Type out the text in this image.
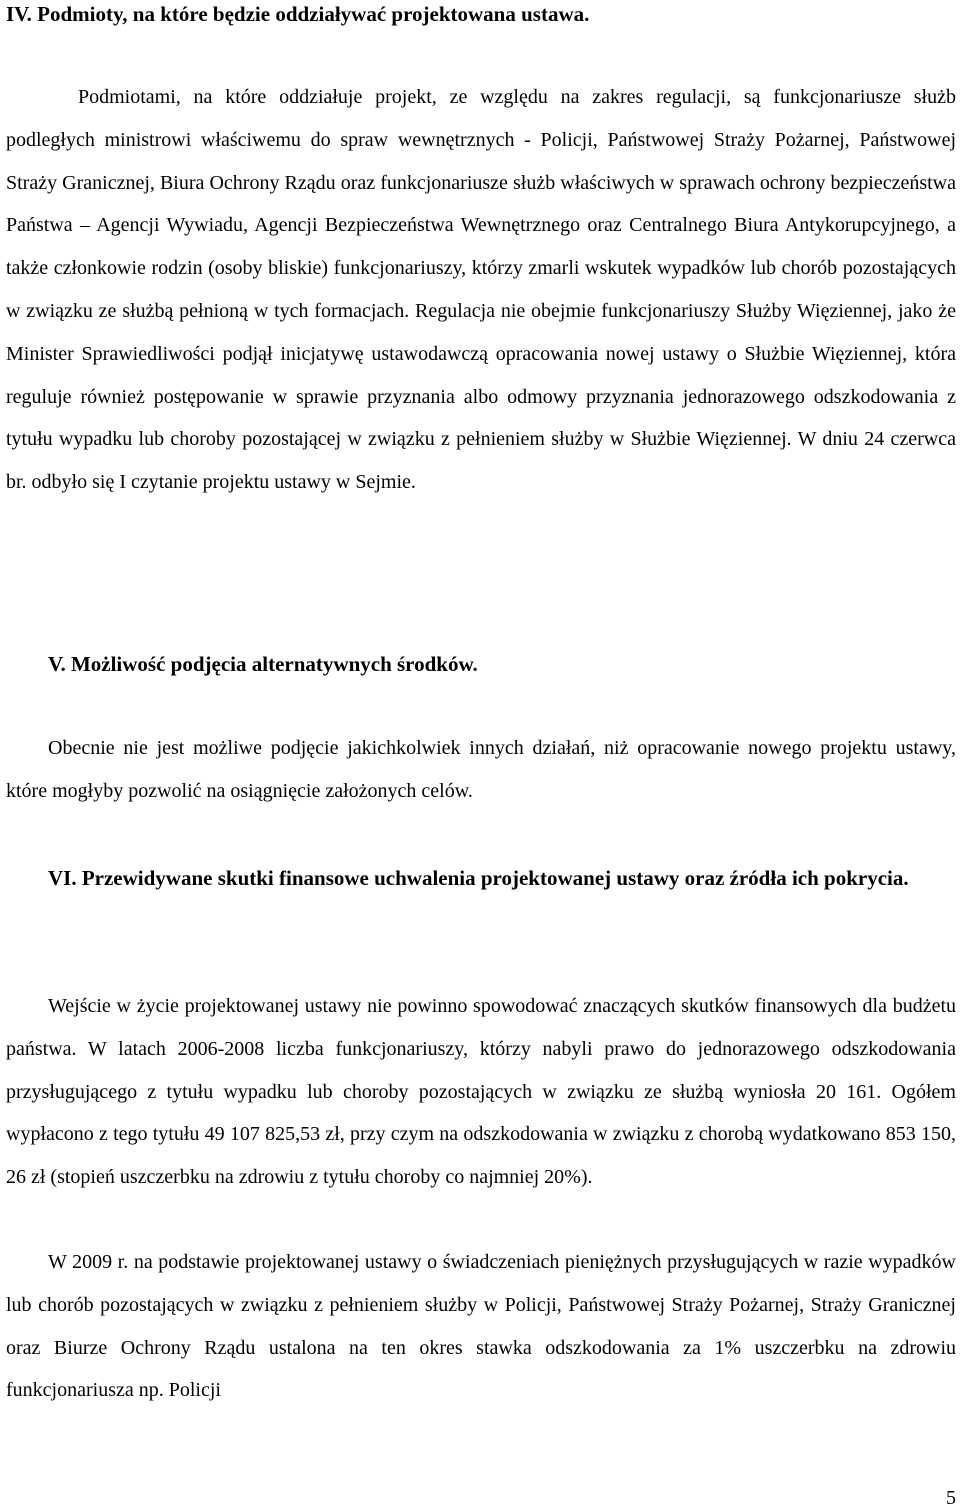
IV. Podmioty, na które będzie oddziaływać projektowana ustawa.

Podmiotami, na które oddziałuje projekt, ze względu na zakres regulacji, są funkcjonariusze służb podległych ministrowi właściwemu do spraw wewnętrznych - Policji, Państwowej Straży Pożarnej, Państwowej Straży Granicznej, Biura Ochrony Rządu oraz funkcjonariusze służb właściwych w sprawach ochrony bezpieczeństwa Państwa – Agencji Wywiadu, Agencji Bezpieczeństwa Wewnętrznego oraz Centralnego Biura Antykorupcyjnego, a także członkowie rodzin (osoby bliskie) funkcjonariuszy, którzy zmarli wskutek wypadków lub chorób pozostających w związku ze służbą pełnioną w tych formacjach. Regulacja nie obejmie funkcjonariuszy Służby Więziennej, jako że Minister Sprawiedliwości podjął inicjatywę ustawodawczą opracowania nowej ustawy o Służbie Więziennej, która reguluje również postępowanie w sprawie przyznania albo odmowy przyznania jednorazowego odszkodowania z tytułu wypadku lub choroby pozostającej w związku z pełnieniem służby w Służbie Więziennej. W dniu 24 czerwca br. odbyło się I czytanie projektu ustawy w Sejmie.

V. Możliwość podjęcia alternatywnych środków.

Obecnie nie jest możliwe podjęcie jakichkolwiek innych działań, niż opracowanie nowego projektu ustawy, które mogłyby pozwolić na osiągnięcie założonych celów.

VI. Przewidywane skutki finansowe uchwalenia projektowanej ustawy oraz źródła ich pokrycia.

Wejście w życie projektowanej ustawy nie powinno spowodować znaczących skutków finansowych dla budżetu państwa. W latach 2006-2008 liczba funkcjonariuszy, którzy nabyli prawo do jednorazowego odszkodowania przysługującego z tytułu wypadku lub choroby pozostających w związku ze służbą wyniosła 20 161. Ogółem wypłacono z tego tytułu 49 107 825,53 zł, przy czym na odszkodowania w związku z chorobą wydatkowano 853 150, 26 zł (stopień uszczerbku na zdrowiu z tytułu choroby co najmniej 20%).

W 2009 r. na podstawie projektowanej ustawy o świadczeniach pieniężnych przysługujących w razie wypadków lub chorób pozostających w związku z pełnieniem służby w Policji, Państwowej Straży Pożarnej, Straży Granicznej oraz Biurze Ochrony Rządu ustalona na ten okres stawka odszkodowania za 1% uszczerbku na zdrowiu funkcjonariusza np. Policji

5
